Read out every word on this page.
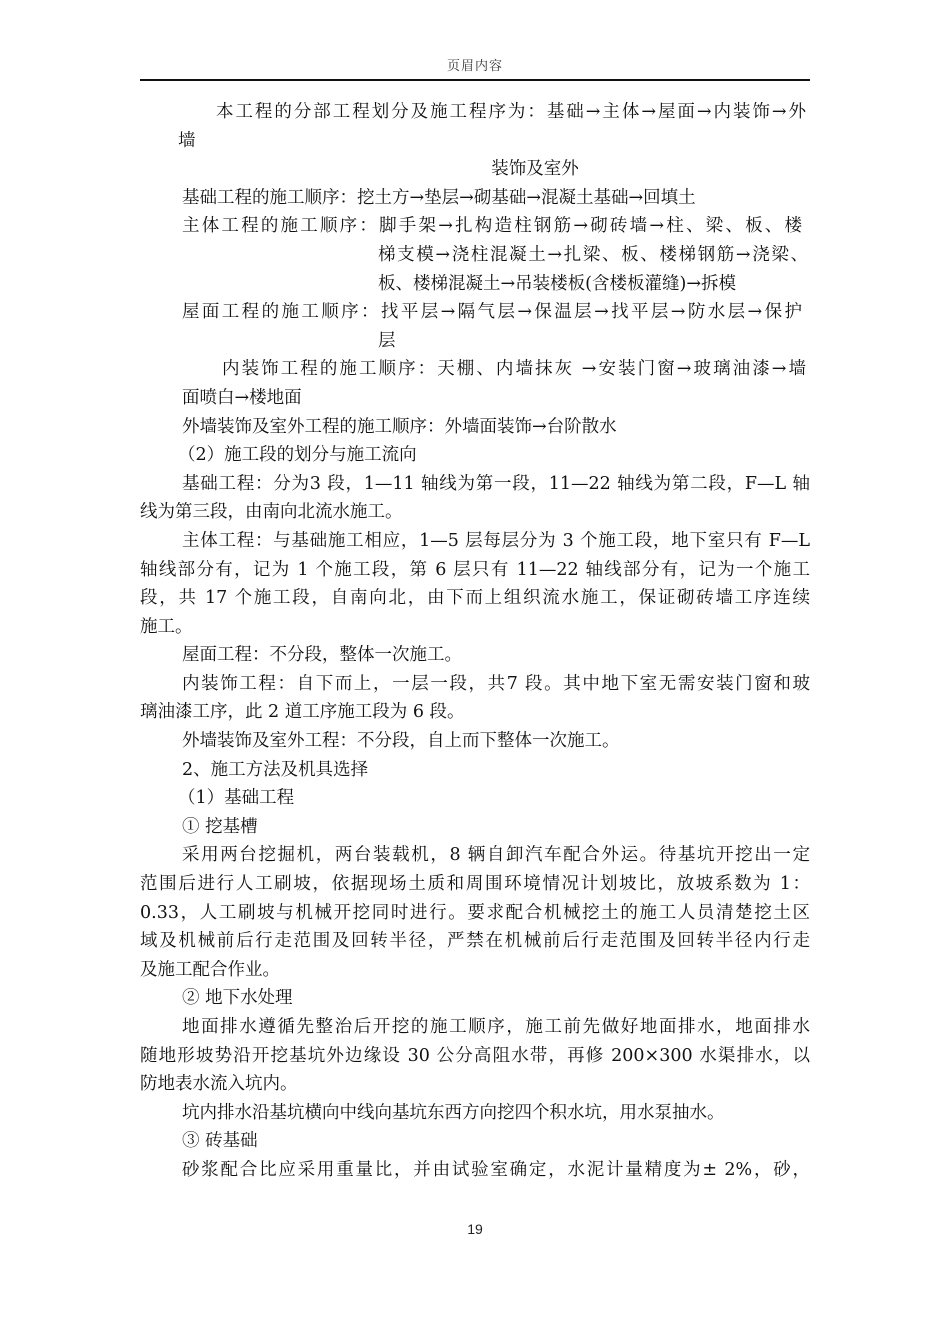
页眉内容
本工程的分部工程划分及施工程序为：基础→主体→屋面→内装饰→外
墙
装饰及室外
基础工程的施工顺序：挖土方→垫层→砌基础→混凝土基础→回填土
主体工程的施工顺序：脚手架→扎构造柱钢筋→砌砖墙→柱、梁、板、楼
梯支模→浇柱混凝土→扎梁、板、楼梯钢筋→浇梁、
板、楼梯混凝土→吊装楼板(含楼板灌缝)→拆模
屋面工程的施工顺序：找平层→隔气层→保温层→找平层→防水层→保护
层
内装饰工程的施工顺序：天棚、内墙抹灰 →安装门窗→玻璃油漆→墙
面喷白→楼地面
外墙装饰及室外工程的施工顺序：外墙面装饰→台阶散水
（2）施工段的划分与施工流向
基础工程：分为3 段，1—11 轴线为第一段，11—22 轴线为第二段，F—L 轴
线为第三段，由南向北流水施工。
主体工程：与基础施工相应，1—5 层每层分为 3 个施工段，地下室只有 F—L
轴线部分有，记为 1 个施工段，第 6 层只有 11—22 轴线部分有，记为一个施工
段，共 17 个施工段，自南向北，由下而上组织流水施工，保证砌砖墙工序连续
施工。
屋面工程：不分段，整体一次施工。
内装饰工程：自下而上，一层一段，共7 段。其中地下室无需安装门窗和玻
璃油漆工序，此 2 道工序施工段为 6 段。
外墙装饰及室外工程：不分段，自上而下整体一次施工。
2、施工方法及机具选择
（1）基础工程
① 挖基槽
采用两台挖掘机，两台装载机，8 辆自卸汽车配合外运。待基坑开挖出一定
范围后进行人工刷坡，依据现场土质和周围环境情况计划坡比，放坡系数为 1：
0.33，人工刷坡与机械开挖同时进行。要求配合机械挖土的施工人员清楚挖土区
域及机械前后行走范围及回转半径，严禁在机械前后行走范围及回转半径内行走
及施工配合作业。
② 地下水处理
地面排水遵循先整治后开挖的施工顺序，施工前先做好地面排水，地面排水
随地形坡势沿开挖基坑外边缘设 30 公分高阻水带，再修 200×300 水渠排水，以
防地表水流入坑内。
坑内排水沿基坑横向中线向基坑东西方向挖四个积水坑，用水泵抽水。
③ 砖基础
砂浆配合比应采用重量比，并由试验室确定，水泥计量精度为± 2%，砂，
19
